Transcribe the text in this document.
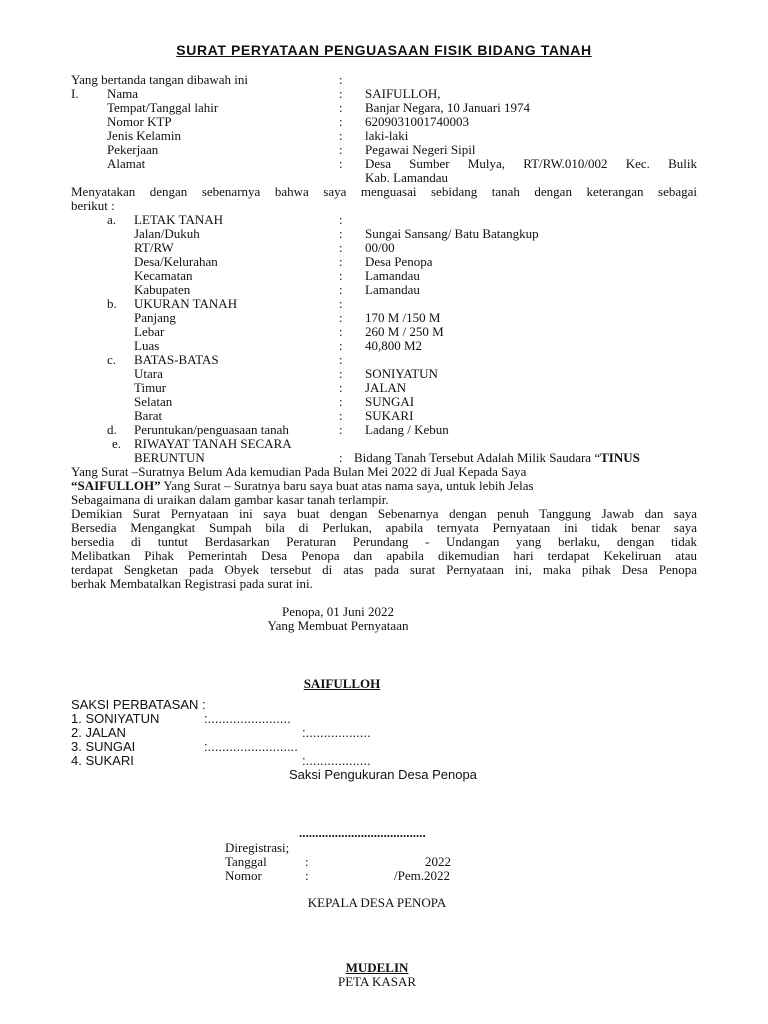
SURAT PERYATAAN PENGUASAAN FISIK BIDANG TANAH
Yang bertanda tangan dibawah ini	:
I. Nama	: SAIFULLOH,
Tempat/Tanggal lahir	: Banjar Negara, 10 Januari 1974
Nomor KTP	: 6209031001740003
Jenis Kelamin	: laki-laki
Pekerjaan	: Pegawai Negeri Sipil
Alamat	: Desa Sumber Mulya, RT/RW.010/002 Kec. Bulik
Kab. Lamandau
Menyatakan dengan sebenarnya bahwa saya menguasai sebidang tanah dengan keterangan sebagai
berikut :
a. LETAK TANAH	:
Jalan/Dukuh	: Sungai Sansang/ Batu Batangkup
RT/RW	: 00/00
Desa/Kelurahan	: Desa Penopa
Kecamatan	: Lamandau
Kabupaten	: Lamandau
b. UKURAN TANAH	:
Panjang	: 170 M /150 M
Lebar	: 260 M / 250 M
Luas	: 40,800 M2
c. BATAS-BATAS	:
Utara	: SONIYATUN
Timur	: JALAN
Selatan	: SUNGAI
Barat	: SUKARI
d. Peruntukan/penguasaan tanah	: Ladang / Kebun
e. RIWAYAT TANAH SECARA
BERUNTUN	: Bidang Tanah Tersebut Adalah Milik Saudara “TINUS
Yang Surat –Suratnya Belum Ada kemudian Pada Bulan Mei 2022 di Jual Kepada Saya
“SAIFULLOH” Yang Surat – Suratnya baru saya buat atas nama saya, untuk lebih Jelas
Sebagaimana di uraikan dalam gambar kasar tanah terlampir.
Demikian Surat Pernyataan ini saya buat dengan Sebenarnya dengan penuh Tanggung Jawab dan saya
Bersedia Mengangkat Sumpah bila di Perlukan, apabila ternyata Pernyataan ini tidak benar saya
bersedia di tuntut Berdasarkan Peraturan Perundang - Undangan yang berlaku, dengan tidak
Melibatkan Pihak Pemerintah Desa Penopa dan apabila dikemudian hari terdapat Kekeliruan atau
terdapat Sengketan pada Obyek tersebut di atas pada surat Pernyataan ini, maka pihak Desa Penopa
berhak Membatalkan Registrasi pada surat ini.
Penopa, 01 Juni 2022
Yang Membuat Pernyataan
SAIFULLOH
SAKSI PERBATASAN :
1. SONIYATUN	:.......................
2. JALAN	:..................
3. SUNGAI	:.........................
4. SUKARI	:..................
Saksi Pengukuran Desa Penopa
.......................................
Diregistrasi;
Tanggal	:	2022
Nomor	:	/Pem.2022
KEPALA DESA PENOPA
MUDELIN
PETA KASAR
